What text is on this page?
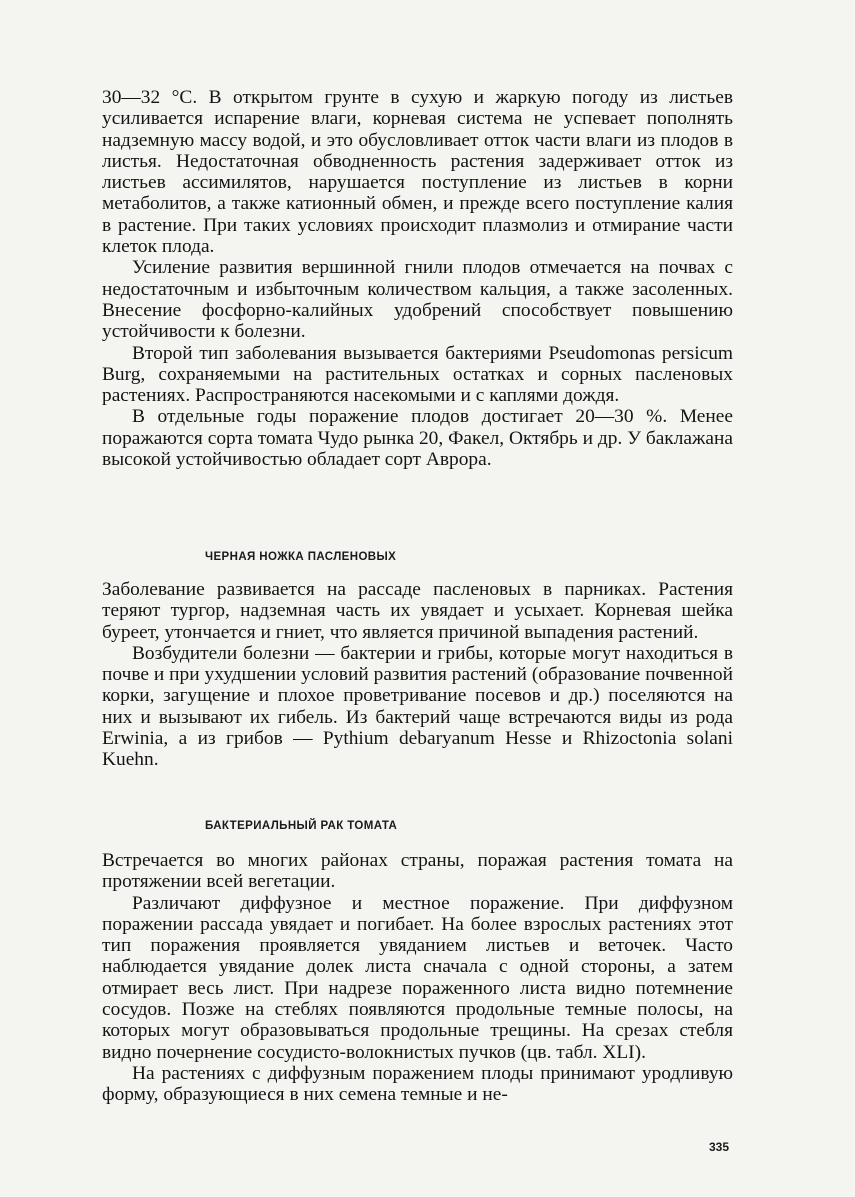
30—32 °С. В открытом грунте в сухую и жаркую погоду из листьев усиливается испарение влаги, корневая система не успевает пополнять надземную массу водой, и это обусловливает отток части влаги из плодов в листья. Недостаточная обводненность растения задерживает отток из листьев ассимилятов, нарушается поступление из листьев в корни метаболитов, а также катионный обмен, и прежде всего поступление калия в растение. При таких условиях происходит плазмолиз и отмирание части клеток плода.

Усиление развития вершинной гнили плодов отмечается на почвах с недостаточным и избыточным количеством кальция, а также засоленных. Внесение фосфорно-калийных удобрений способствует повышению устойчивости к болезни.

Второй тип заболевания вызывается бактериями Pseudomonas persicum Burg, сохраняемыми на растительных остатках и сорных пасленовых растениях. Распространяются насекомыми и с каплями дождя.

В отдельные годы поражение плодов достигает 20—30 %. Менее поражаются сорта томата Чудо рынка 20, Факел, Октябрь и др. У баклажана высокой устойчивостью обладает сорт Аврора.

ЧЕРНАЯ НОЖКА ПАСЛЕНОВЫХ

Заболевание развивается на рассаде пасленовых в парниках. Растения теряют тургор, надземная часть их увядает и усыхает. Корневая шейка буреет, утончается и гниет, что является причиной выпадения растений.

Возбудители болезни — бактерии и грибы, которые могут находиться в почве и при ухудшении условий развития растений (образование почвенной корки, загущение и плохое проветривание посевов и др.) поселяются на них и вызывают их гибель. Из бактерий чаще встречаются виды из рода Erwinia, а из грибов — Pythium debaryanum Hesse и Rhizoctonia solani Kuehn.

БАКТЕРИАЛЬНЫЙ РАК ТОМАТА

Встречается во многих районах страны, поражая растения томата на протяжении всей вегетации.

Различают диффузное и местное поражение. При диффузном поражении рассада увядает и погибает. На более взрослых растениях этот тип поражения проявляется увяданием листьев и веточек. Часто наблюдается увядание долек листа сначала с одной стороны, а затем отмирает весь лист. При надрезе пораженного листа видно потемнение сосудов. Позже на стеблях появляются продольные темные полосы, на которых могут образовываться продольные трещины. На срезах стебля видно почернение сосудисто-волокнистых пучков (цв. табл. XLI).

На растениях с диффузным поражением плоды принимают уродливую форму, образующиеся в них семена темные и не-

335
